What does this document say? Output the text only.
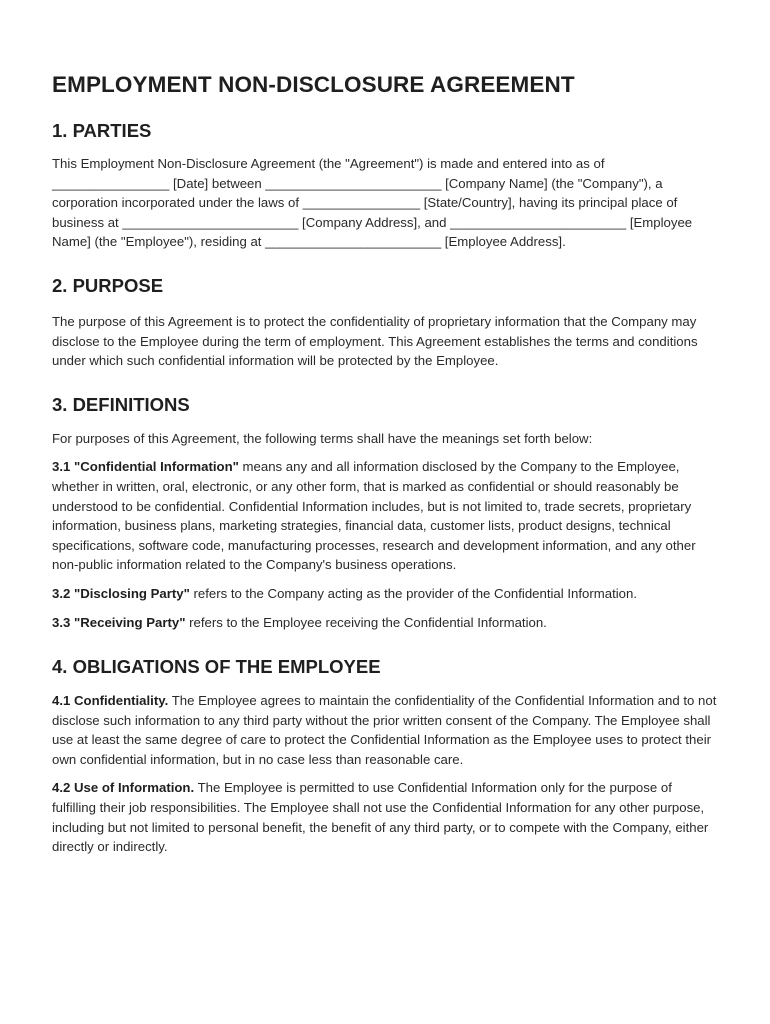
EMPLOYMENT NON-DISCLOSURE AGREEMENT
1. PARTIES

This Employment Non-Disclosure Agreement (the "Agreement") is made and entered into as of ________________ [Date] between ________________________ [Company Name] (the "Company"), a corporation incorporated under the laws of ________________ [State/Country], having its principal place of business at ________________________ [Company Address], and ________________________ [Employee Name] (the "Employee"), residing at ________________________ [Employee Address].

2. PURPOSE

The purpose of this Agreement is to protect the confidentiality of proprietary information that the Company may disclose to the Employee during the term of employment. This Agreement establishes the terms and conditions under which such confidential information will be protected by the Employee.

3. DEFINITIONS

For purposes of this Agreement, the following terms shall have the meanings set forth below:

3.1 "Confidential Information" means any and all information disclosed by the Company to the Employee, whether in written, oral, electronic, or any other form, that is marked as confidential or should reasonably be understood to be confidential. Confidential Information includes, but is not limited to, trade secrets, proprietary information, business plans, marketing strategies, financial data, customer lists, product designs, technical specifications, software code, manufacturing processes, research and development information, and any other non-public information related to the Company's business operations.

3.2 "Disclosing Party" refers to the Company acting as the provider of the Confidential Information.

3.3 "Receiving Party" refers to the Employee receiving the Confidential Information.

4. OBLIGATIONS OF THE EMPLOYEE

4.1 Confidentiality. The Employee agrees to maintain the confidentiality of the Confidential Information and to not disclose such information to any third party without the prior written consent of the Company. The Employee shall use at least the same degree of care to protect the Confidential Information as the Employee uses to protect their own confidential information, but in no case less than reasonable care.

4.2 Use of Information. The Employee is permitted to use Confidential Information only for the purpose of fulfilling their job responsibilities. The Employee shall not use the Confidential Information for any other purpose, including but not limited to personal benefit, the benefit of any third party, or to compete with the Company, either directly or indirectly.
